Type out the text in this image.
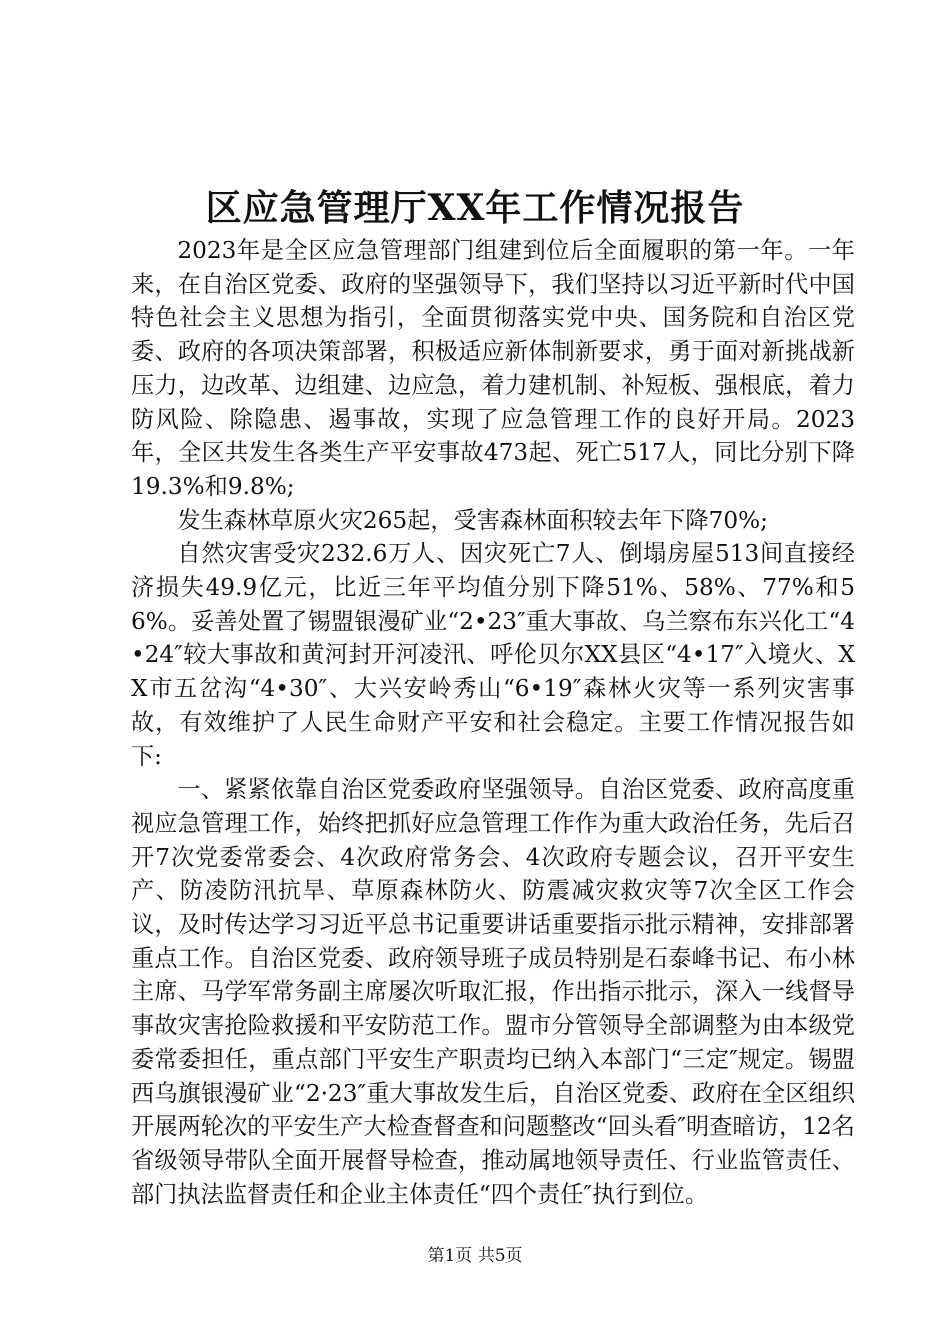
区应急管理厅XX年工作情况报告

2023年是全区应急管理部门组建到位后全面履职的第一年。一年来，在自治区党委、政府的坚强领导下，我们坚持以习近平新时代中国特色社会主义思想为指引，全面贯彻落实党中央、国务院和自治区党委、政府的各项决策部署，积极适应新体制新要求，勇于面对新挑战新压力，边改革、边组建、边应急，着力建机制、补短板、强根底，着力防风险、除隐患、遏事故，实现了应急管理工作的良好开局。2023年，全区共发生各类生产平安事故473起、死亡517人，同比分别下降19.3%和9.8%;

发生森林草原火灾265起，受害森林面积较去年下降70%;

自然灾害受灾232.6万人、因灾死亡7人、倒塌房屋513间直接经济损失49.9亿元，比近三年平均值分别下降51%、58%、77%和56%。妥善处置了锡盟银漫矿业“2•23″重大事故、乌兰察布东兴化工“4•24″较大事故和黄河封开河凌汛、呼伦贝尔XX县区“4•17″入境火、XX市五岔沟“4•30″、大兴安岭秀山“6•19″森林火灾等一系列灾害事故，有效维护了人民生命财产平安和社会稳定。主要工作情况报告如下:

一、紧紧依靠自治区党委政府坚强领导。自治区党委、政府高度重视应急管理工作，始终把抓好应急管理工作作为重大政治任务，先后召开7次党委常委会、4次政府常务会、4次政府专题会议，召开平安生产、防凌防汛抗旱、草原森林防火、防震减灾救灾等7次全区工作会议，及时传达学习习近平总书记重要讲话重要指示批示精神，安排部署重点工作。自治区党委、政府领导班子成员特别是石泰峰书记、布小林主席、马学军常务副主席屡次听取汇报，作出指示批示，深入一线督导事故灾害抢险救援和平安防范工作。盟市分管领导全部调整为由本级党委常委担任，重点部门平安生产职责均已纳入本部门“三定″规定。锡盟西乌旗银漫矿业“2·23″重大事故发生后，自治区党委、政府在全区组织开展两轮次的平安生产大检查督查和问题整改“回头看″明查暗访，12名省级领导带队全面开展督导检查，推动属地领导责任、行业监管责任、部门执法监督责任和企业主体责任“四个责任″执行到位。

第1页 共5页
